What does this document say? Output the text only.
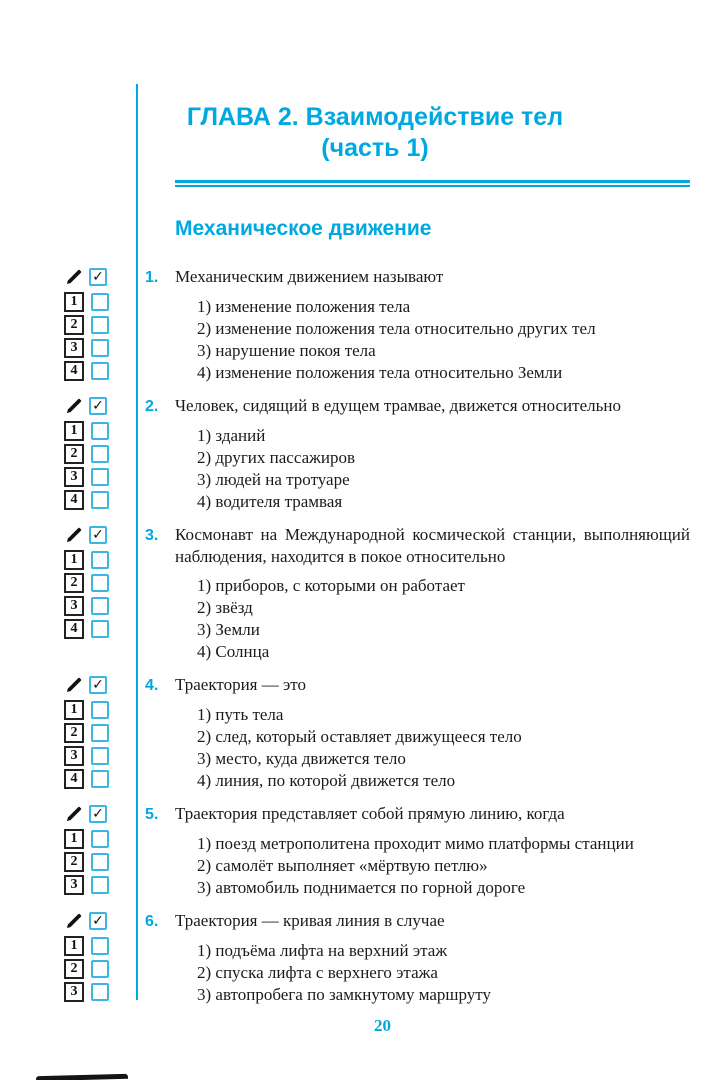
ГЛАВА 2. Взаимодействие тел
(часть 1)
Механическое движение
✓
1
2
3
4
1. Механическим движением называют
1) изменение положения тела
2) изменение положения тела относительно других тел
3) нарушение покоя тела
4) изменение положения тела относительно Земли
✓
1
2
3
4
2. Человек, сидящий в едущем трамвае, движется относительно
1) зданий
2) других пассажиров
3) людей на тротуаре
4) водителя трамвая
✓
1
2
3
4
3. Космонавт на Международной космической станции, выполняющий наблюдения, находится в покое относительно
1) приборов, с которыми он работает
2) звёзд
3) Земли
4) Солнца
✓
1
2
3
4
4. Траектория — это
1) путь тела
2) след, который оставляет движущееся тело
3) место, куда движется тело
4) линия, по которой движется тело
✓
1
2
3
5. Траектория представляет собой прямую линию, когда
1) поезд метрополитена проходит мимо платформы станции
2) самолёт выполняет «мёртвую петлю»
3) автомобиль поднимается по горной дороге
✓
1
2
3
6. Траектория — кривая линия в случае
1) подъёма лифта на верхний этаж
2) спуска лифта с верхнего этажа
3) автопробега по замкнутому маршруту
20
